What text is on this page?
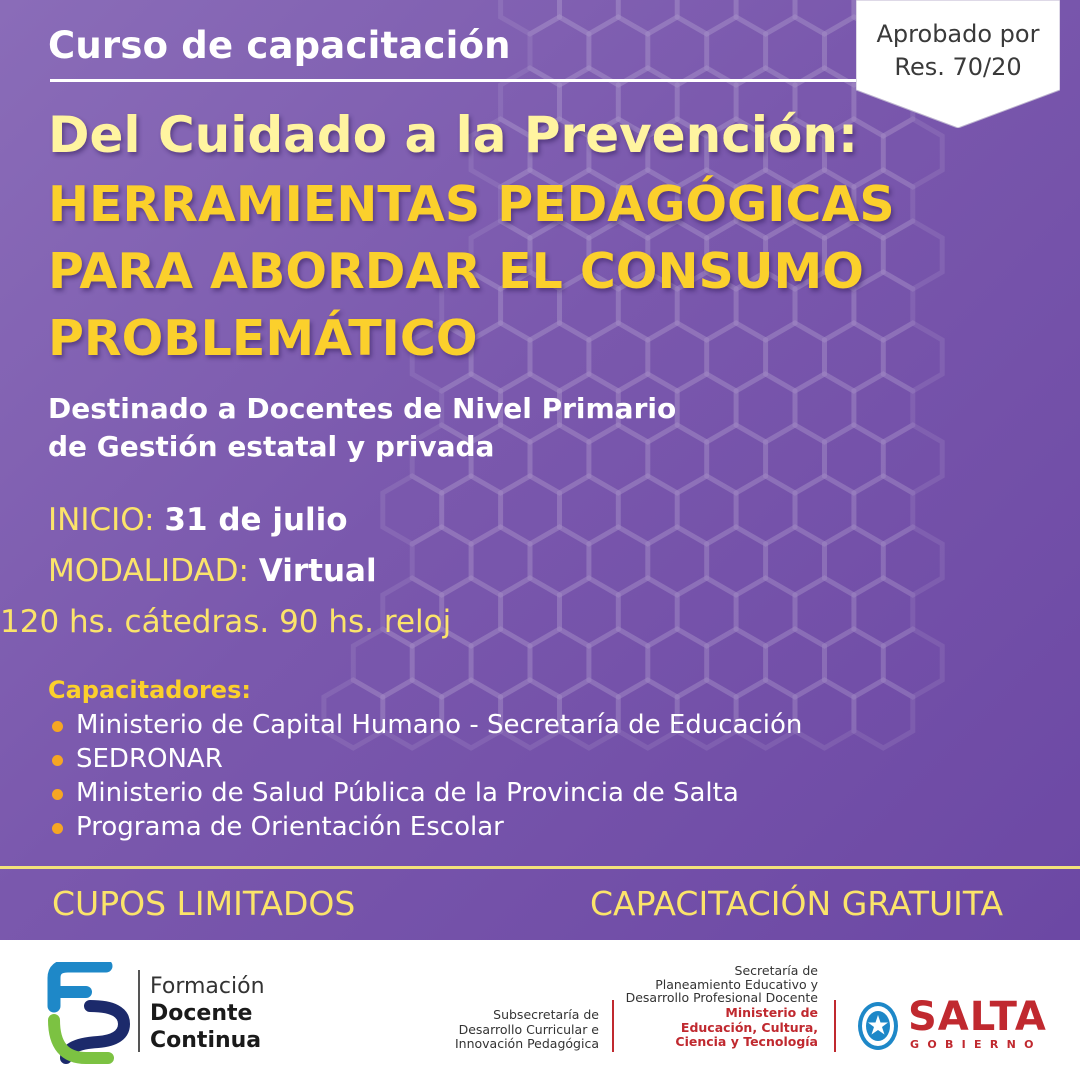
Curso de capacitación	Aprobado por
Res. 70/20
Del Cuidado a la Prevención:
HERRAMIENTAS PEDAGÓGICAS
PARA ABORDAR EL CONSUMO
PROBLEMÁTICO
Destinado a Docentes de Nivel Primario
de Gestión estatal y privada
INICIO: 31 de julio
MODALIDAD: Virtual
120 hs. cátedras. 90 hs. reloj
Capacitadores:
Ministerio de Capital Humano - Secretaría de Educación
SEDRONAR
Ministerio de Salud Pública de la Provincia de Salta
Programa de Orientación Escolar
CUPOS LIMITADOS	CAPACITACIÓN GRATUITA
Formación
Docente
Continua
Subsecretaría de
Desarrollo Curricular e
Innovación Pedagógica
Secretaría de
Planeamiento Educativo y
Desarrollo Profesional Docente
Ministerio de
Educación, Cultura,
Ciencia y Tecnología
SALTA
GOBIERNO
